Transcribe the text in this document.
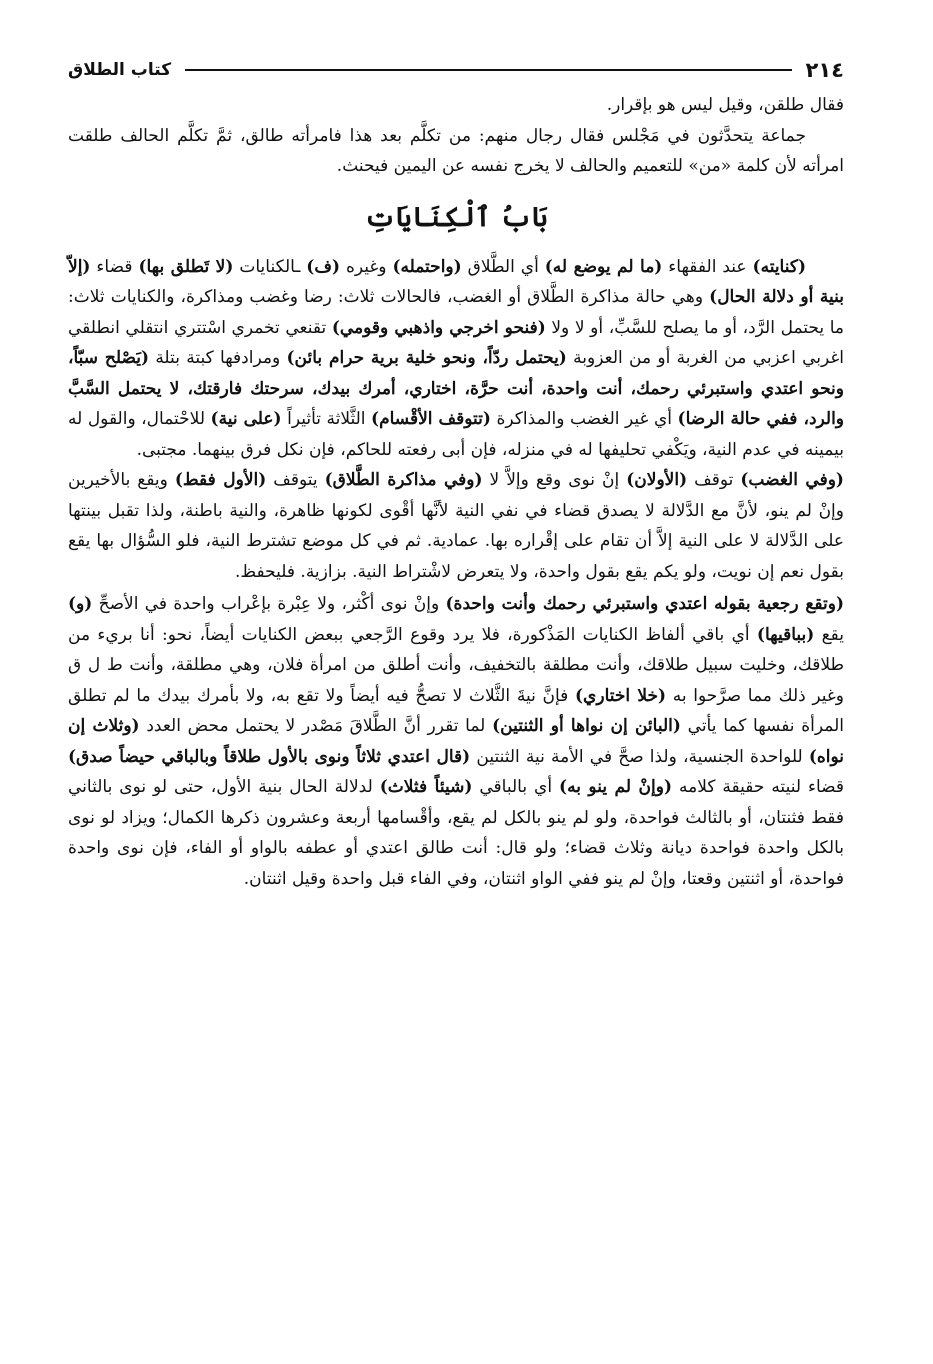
٢١٤
كتاب الطلاق

فقال طلقن، وقيل ليس هو بإقرار.

جماعة يتحدَّثون في مَجْلس فقال رجال منهم: من تكلَّم بعد هذا فامرأته طالق، ثمَّ تكلَّم الحالف طلقت امرأته لأن كلمة «من» للتعميم والحالف لا يخرج نفسه عن اليمين فيحنث.

بَابُ ٱلْكِنَايَاتِ

(كنايته) عند الفقهاء (ما لم يوضع له) أي الطَّلاق (واحتمله) وغيره (ف) ـالكنايات (لا تَطلق بها) قضاء (إلاّ بنية أو دلالة الحال) وهي حالة مذاكرة الطَّلاق أو الغضب، فالحالات ثلاث: رضا وغضب ومذاكرة، والكنايات ثلاث: ما يحتمل الرَّد، أو ما يصلح للسَّبِّ، أو لا ولا (فنحو اخرجي واذهبي وقومي) تقنعي تخمري اسْتتري انتقلي انطلقي اغربي اعزبي من الغربة أو من العزوبة (يحتمل ردّاً، ونحو خلية برية حرام بائن) ومرادفها كبتة بتلة (يَصْلح سبّاً، ونحو اعتدي واستبرئي رحمك، أنت واحدة، أنت حرَّة، اختاري، أمرك بيدك، سرحتك فارقتك، لا يحتمل السَّبَّ والرد، ففي حالة الرضا) أي غير الغضب والمذاكرة (تتوقف الأقْسام) الثَّلاثة تأثيراً (على نية) للاحْتمال، والقول له بيمينه في عدم النية، ويَكْفي تحليفها له في منزله، فإن أبى رفعته للحاكم، فإن نكل فرق بينهما. مجتبى.

(وفي الغضب) توقف (الأولان) إنْ نوى وقع وإلاَّ لا (وفي مذاكرة الطَّلاق) يتوقف (الأول فقط) ويقع بالأخيرين وإنْ لم ينو، لأنَّ مع الدَّلالة لا يصدق قضاء في نفي النية لأنَّها أقْوى لكونها ظاهرة، والنية باطنة، ولذا تقبل بينتها على الدَّلالة لا على النية إلاَّ أن تقام على إقْراره بها. عمادية. ثم في كل موضع تشترط النية، فلو السُّؤال بها يقع بقول نعم إن نويت، ولو يكم يقع بقول واحدة، ولا يتعرض لاشْتراط النية. بزازية. فليحفظ.

(وتقع رجعية بقوله اعتدي واستبرئي رحمك وأنت واحدة) وإنْ نوى أكْثر، ولا عِبْرة بإعْراب واحدة في الأصحِّ (و) يقع (بباقيها) أي باقي ألفاظ الكنايات المَذْكورة، فلا يرد وقوع الرَّجعي ببعض الكنايات أيضاً، نحو: أنا بريء من طلاقك، وخليت سبيل طلاقك، وأنت مطلقة بالتخفيف، وأنت أطلق من امرأة فلان، وهي مطلقة، وأنت ط ل ق وغير ذلك مما صرَّحوا به (خلا اختاري) فإنَّ نيةَ الثَّلاث لا تصحُّ فيه أيضاً ولا تقع به، ولا بأمرك بيدك ما لم تطلق المرأة نفسها كما يأتي (البائن إن نواها أو الثنتين) لما تقرر أنَّ الطَّلاقَ مَصْدر لا يحتمل محض العدد (وثلاث إن نواه) للواحدة الجنسية، ولذا صحَّ في الأمة نية الثنتين (قال اعتدي ثلاثاً ونوى بالأول طلاقاً وبالباقي حيضاً صدق) قضاء لنيته حقيقة كلامه (وإنْ لم ينو به) أي بالباقي (شيئاً فثلاث) لدلالة الحال بنية الأول، حتى لو نوى بالثاني فقط فثنتان، أو بالثالث فواحدة، ولو لم ينو بالكل لم يقع، وأقْسامها أربعة وعشرون ذكرها الكمال؛ ويزاد لو نوى بالكل واحدة فواحدة ديانة وثلاث قضاء؛ ولو قال: أنت طالق اعتدي أو عطفه بالواو أو الفاء، فإن نوى واحدة فواحدة، أو اثنتين وقعتا، وإنْ لم ينو ففي الواو اثنتان، وفي الفاء قبل واحدة وقيل اثنتان.
